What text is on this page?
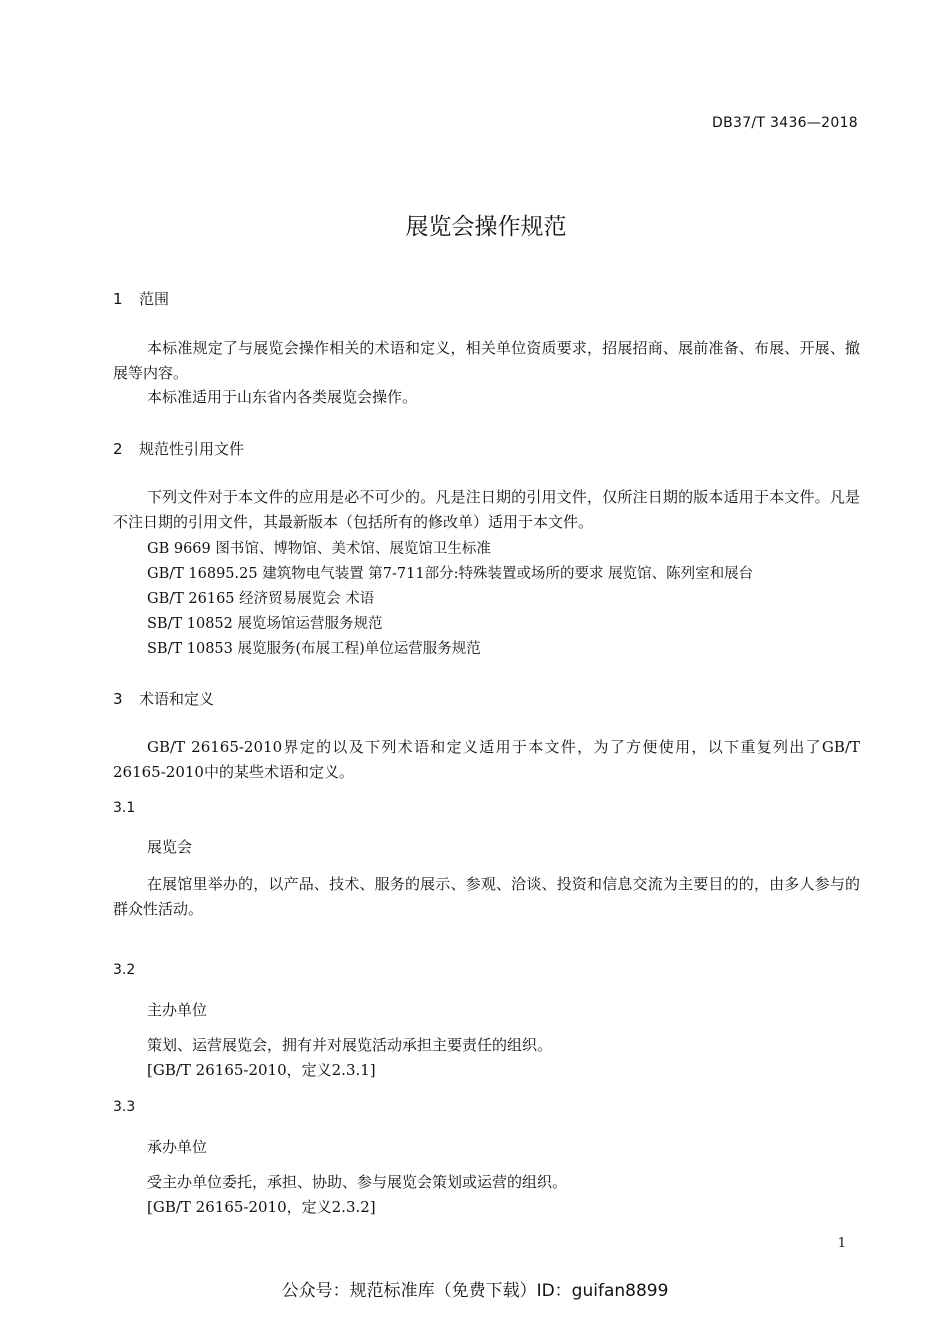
DB37/T 3436—2018
展览会操作规范
1 范围
本标准规定了与展览会操作相关的术语和定义，相关单位资质要求，招展招商、展前准备、布展、开展、撤展等内容。
本标准适用于山东省内各类展览会操作。
2 规范性引用文件
下列文件对于本文件的应用是必不可少的。凡是注日期的引用文件，仅所注日期的版本适用于本文件。凡是不注日期的引用文件，其最新版本（包括所有的修改单）适用于本文件。
GB 9669 图书馆、博物馆、美术馆、展览馆卫生标准
GB/T 16895.25 建筑物电气装置 第7-711部分:特殊装置或场所的要求 展览馆、陈列室和展台
GB/T 26165 经济贸易展览会 术语
SB/T 10852 展览场馆运营服务规范
SB/T 10853 展览服务(布展工程)单位运营服务规范
3 术语和定义
GB/T 26165-2010界定的以及下列术语和定义适用于本文件，为了方便使用，以下重复列出了GB/T 26165-2010中的某些术语和定义。
3.1
展览会
在展馆里举办的，以产品、技术、服务的展示、参观、洽谈、投资和信息交流为主要目的的，由多人参与的群众性活动。
3.2
主办单位
策划、运营展览会，拥有并对展览活动承担主要责任的组织。
[GB/T 26165-2010，定义2.3.1]
3.3
承办单位
受主办单位委托，承担、协助、参与展览会策划或运营的组织。
[GB/T 26165-2010，定义2.3.2]
1
公众号：规范标准库（免费下载）ID：guifan8899
